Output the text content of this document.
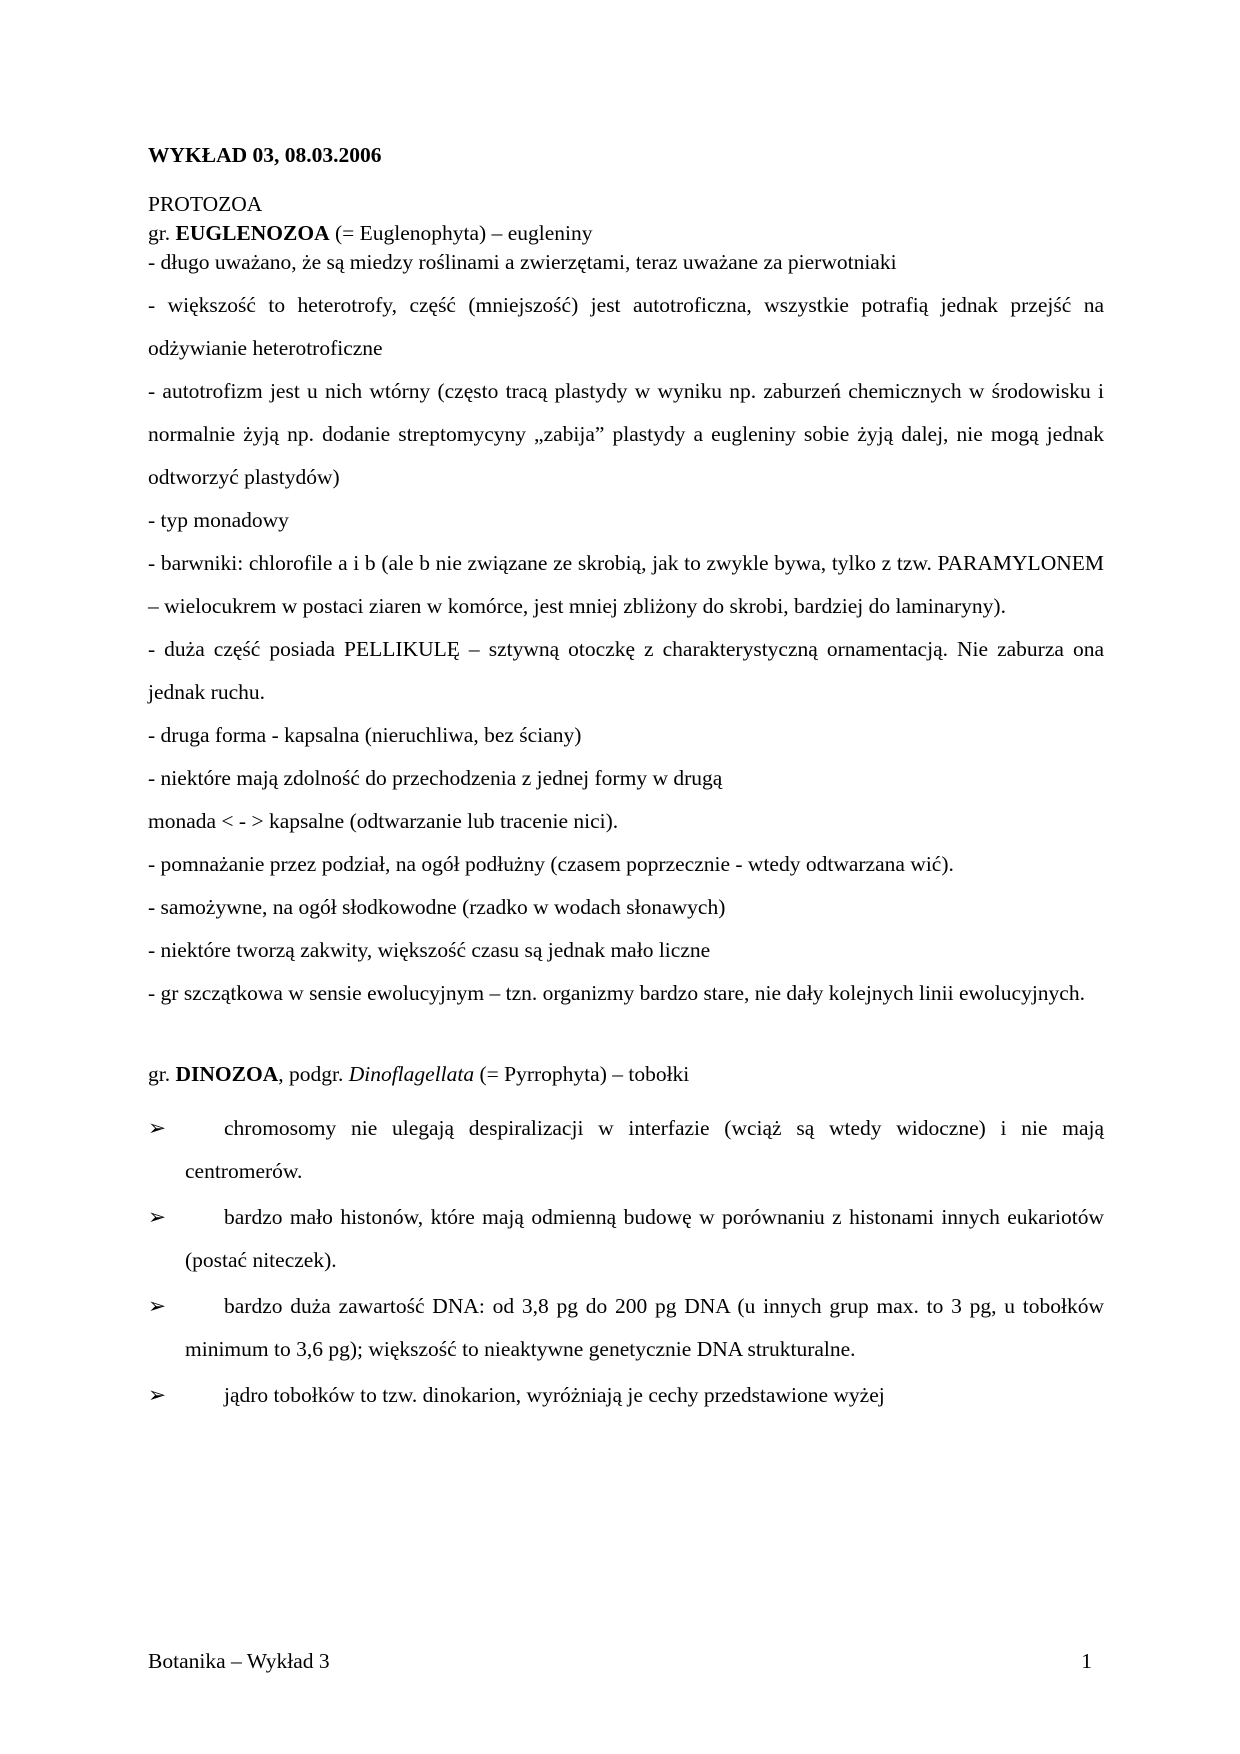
WYKŁAD 03, 08.03.2006
PROTOZOA
gr. EUGLENOZOA (= Euglenophyta) – eugleniny

- długo uważano, że są miedzy roślinami a zwierzętami, teraz uważane za pierwotniaki

- większość to heterotrofy, część (mniejszość) jest autotroficzna, wszystkie potrafią jednak przejść na odżywianie heterotroficzne

- autotrofizm jest u nich wtórny (często tracą plastydy w wyniku np. zaburzeń chemicznych w środowisku i normalnie żyją np. dodanie streptomycyny „zabija” plastydy a eugleniny sobie żyją dalej, nie mogą jednak odtworzyć plastydów)

- typ monadowy

- barwniki: chlorofile a i b (ale b nie związane ze skrobią, jak to zwykle bywa, tylko z tzw. PARAMYLONEM – wielocukrem w postaci ziaren w komórce, jest mniej zbliżony do skrobi, bardziej do laminaryny).

- duża część posiada PELLIKULĘ – sztywną otoczkę z charakterystyczną ornamentacją. Nie zaburza ona jednak ruchu.

- druga forma - kapsalna (nieruchliwa, bez ściany)

- niektóre mają zdolność do przechodzenia z jednej formy w drugą

monada < - > kapsalne (odtwarzanie lub tracenie nici).

- pomnażanie przez podział, na ogół podłużny (czasem poprzecznie - wtedy odtwarzana wić).

- samożywne, na ogół słodkowodne (rzadko w wodach słonawych)

- niektóre tworzą zakwity, większość czasu są jednak mało liczne

- gr szczątkowa w sensie ewolucyjnym – tzn. organizmy bardzo stare, nie dały kolejnych linii ewolucyjnych.

gr. DINOZOA, podgr. Dinoflagellata (= Pyrrophyta) – tobołki
➢	chromosomy nie ulegają despiralizacji w interfazie (wciąż są wtedy widoczne) i nie mają centromerów.
➢	bardzo mało histonów, które mają odmienną budowę w porównaniu z histonami innych eukariotów (postać niteczek).
➢	bardzo duża zawartość DNA: od 3,8 pg do 200 pg DNA (u innych grup max. to 3 pg, u tobołków minimum to 3,6 pg); większość to nieaktywne genetycznie DNA strukturalne.
➢	jądro tobołków to tzw. dinokarion, wyróżniają je cechy przedstawione wyżej
Botanika – Wykład 3	1
